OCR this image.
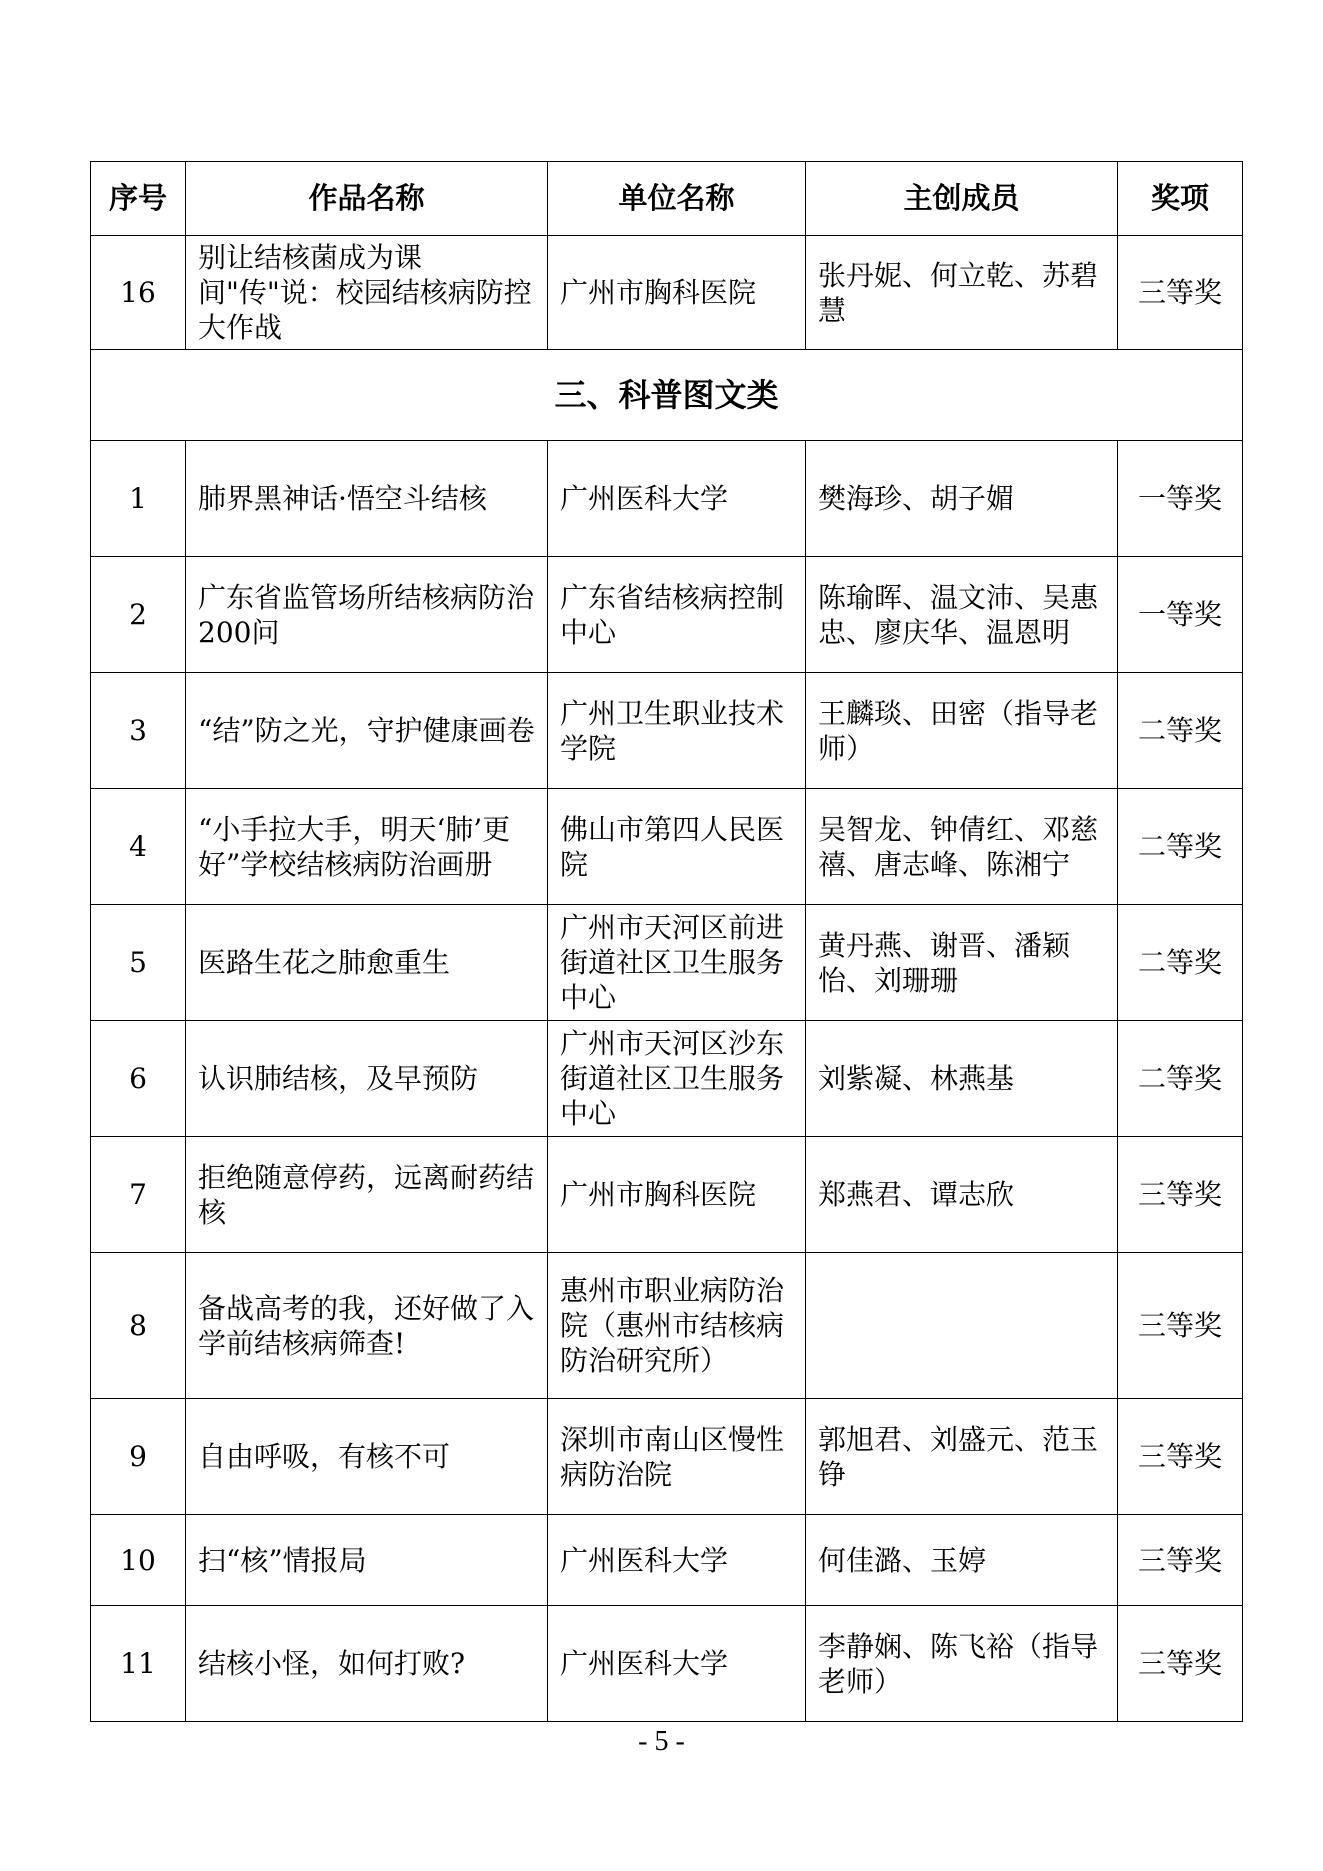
序号	作品名称	单位名称	主创成员	奖项
16	别让结核菌成为课间"传"说：校园结核病防控大作战	广州市胸科医院	张丹妮、何立乾、苏碧慧	三等奖
三、科普图文类				
1	肺界黑神话·悟空斗结核	广州医科大学	樊海珍、胡子媚	一等奖
2	广东省监管场所结核病防治200问	广东省结核病控制中心	陈瑜晖、温文沛、吴惠忠、廖庆华、温恩明	一等奖
3	“结”防之光，守护健康画卷	广州卫生职业技术学院	王麟琰、田密（指导老师）	二等奖
4	“小手拉大手，明天‘肺’更好”学校结核病防治画册	佛山市第四人民医院	吴智龙、钟倩红、邓慈禧、唐志峰、陈湘宁	二等奖
5	医路生花之肺愈重生	广州市天河区前进街道社区卫生服务中心	黄丹燕、谢晋、潘颖怡、刘珊珊	二等奖
6	认识肺结核，及早预防	广州市天河区沙东街道社区卫生服务中心	刘紫凝、林燕基	二等奖
7	拒绝随意停药，远离耐药结核	广州市胸科医院	郑燕君、谭志欣	三等奖
8	备战高考的我，还好做了入学前结核病筛查!	惠州市职业病防治院（惠州市结核病防治研究所）		三等奖
9	自由呼吸，有核不可	深圳市南山区慢性病防治院	郭旭君、刘盛元、范玉铮	三等奖
10	扫“核”情报局	广州医科大学	何佳潞、玉婷	三等奖
11	结核小怪，如何打败?	广州医科大学	李静娴、陈飞裕（指导老师）	三等奖
- 5 -
